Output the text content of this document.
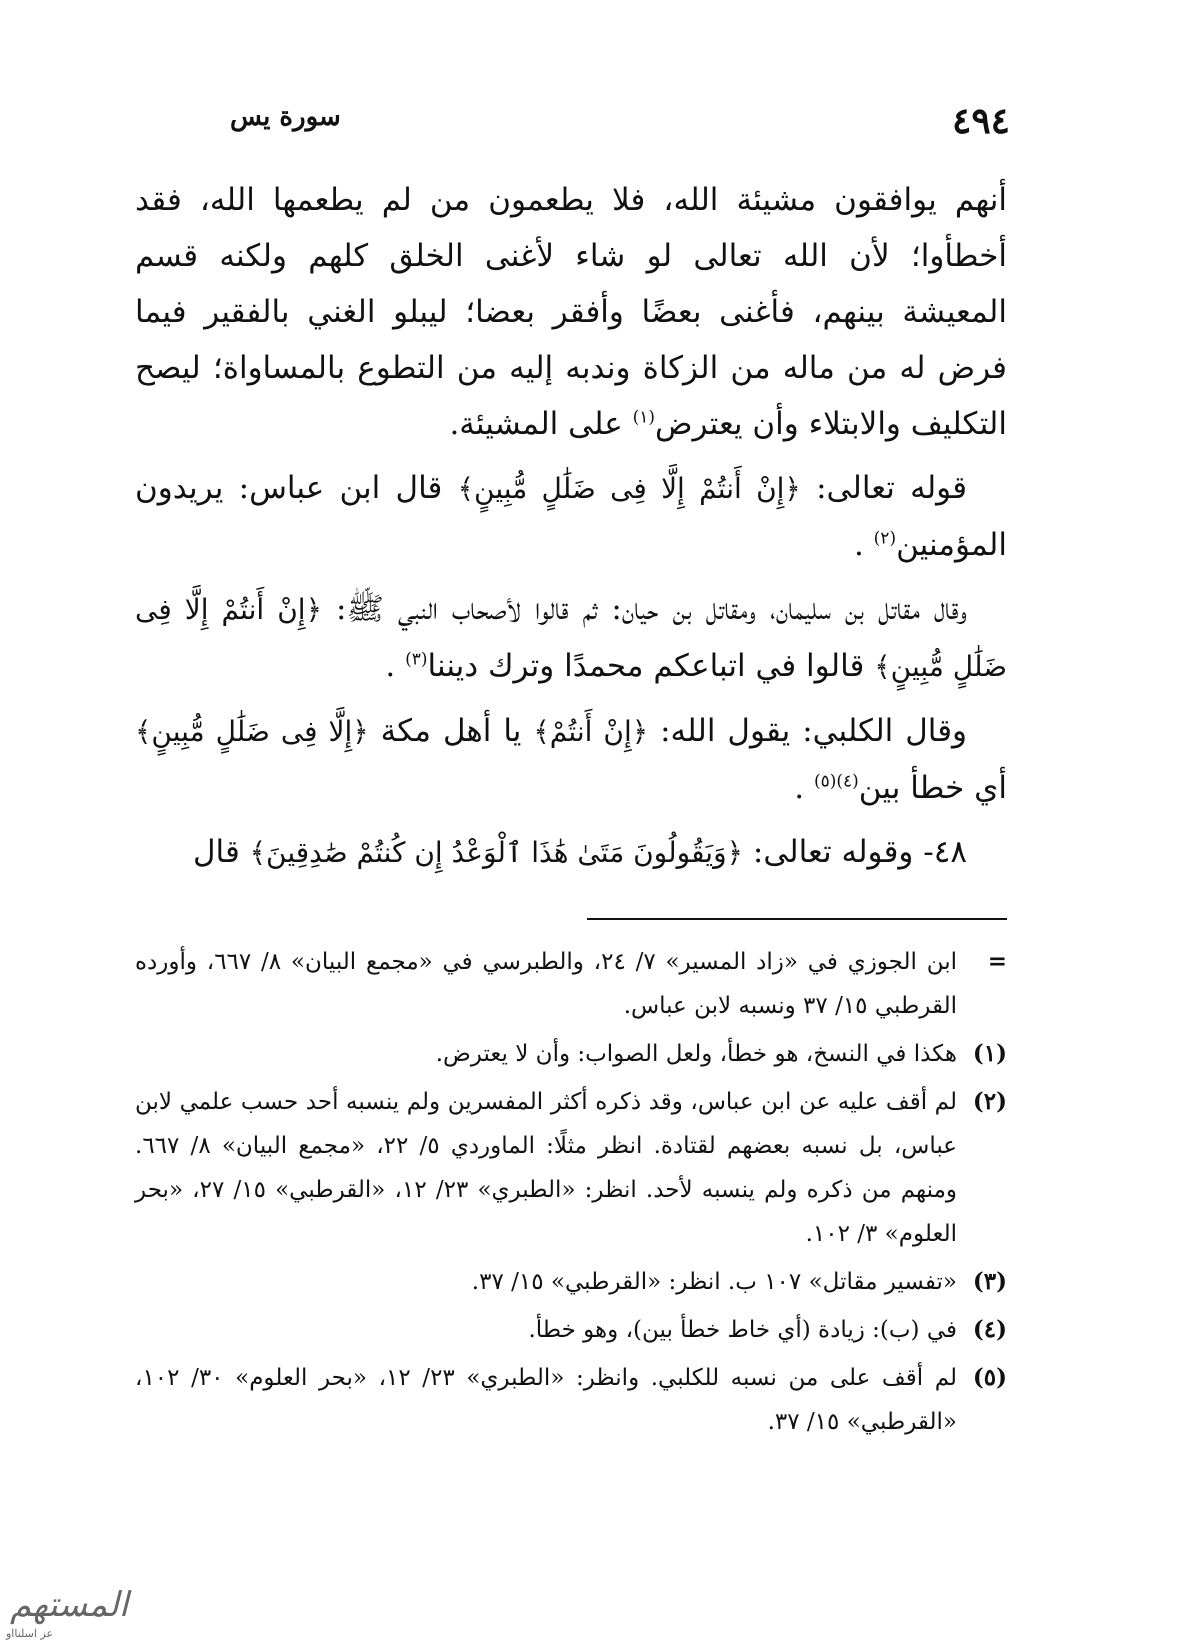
٤٩٤
سورة يس

أنهم يوافقون مشيئة الله، فلا يطعمون من لم يطعمها الله، فقد أخطأوا؛ لأن الله تعالى لو شاء لأغنى الخلق كلهم ولكنه قسم المعيشة بينهم، فأغنى بعضًا وأفقر بعضا؛ ليبلو الغني بالفقير فيما فرض له من ماله من الزكاة وندبه إليه من التطوع بالمساواة؛ ليصح التكليف والابتلاء وأن يعترض$^{(١)}$ على المشيئة.

قوله تعالى: ﴿إِنْ أَنتُمْ إِلَّا فِى ضَلَٰلٍ مُّبِينٍ﴾ قال ابن عباس: يريدون المؤمنين$^{(٢)}$ .

وقال مقاتل بن سليمان، ومقاتل بن حيان: ثم قالوا لأصحاب النبي ﷺ: ﴿إِنْ أَنتُمْ إِلَّا فِى ضَلَٰلٍ مُّبِينٍ﴾ قالوا في اتباعكم محمدًا وترك ديننا$^{(٣)}$ .

وقال الكلبي: يقول الله: ﴿إِنْ أَنتُمْ﴾ يا أهل مكة ﴿إِلَّا فِى ضَلَٰلٍ مُّبِينٍ﴾ أي خطأ بين$^{(٤)(٥)}$ .

٤٨- وقوله تعالى: ﴿وَيَقُولُونَ مَتَىٰ هَٰذَا ٱلْوَعْدُ إِن كُنتُمْ صَٰدِقِينَ﴾ قال

=
ابن الجوزي في «زاد المسير» ٧/ ٢٤، والطبرسي في «مجمع البيان» ٨/ ٦٦٧، وأورده القرطبي ١٥/ ٣٧ ونسبه لابن عباس.
(١)
هكذا في النسخ، هو خطأ، ولعل الصواب: وأن لا يعترض.
(٢)
لم أقف عليه عن ابن عباس، وقد ذكره أكثر المفسرين ولم ينسبه أحد حسب علمي لابن عباس، بل نسبه بعضهم لقتادة. انظر مثلًا: الماوردي ٥/ ٢٢، «مجمع البيان» ٨/ ٦٦٧. ومنهم من ذكره ولم ينسبه لأحد. انظر: «الطبري» ٢٣/ ١٢، «القرطبي» ١٥/ ٢٧، «بحر العلوم» ٣/ ١٠٢.
(٣)
«تفسير مقاتل» ١٠٧ ب. انظر: «القرطبي» ١٥/ ٣٧.
(٤)
في (ب): زيادة (أي خاط خطأ بين)، وهو خطأ.
(٥)
لم أقف على من نسبه للكلبي. وانظر: «الطبري» ٢٣/ ١٢، «بحر العلوم» ٣٠/ ١٠٢، «القرطبي» ١٥/ ٣٧.
المستهم
عز اسلنااو
